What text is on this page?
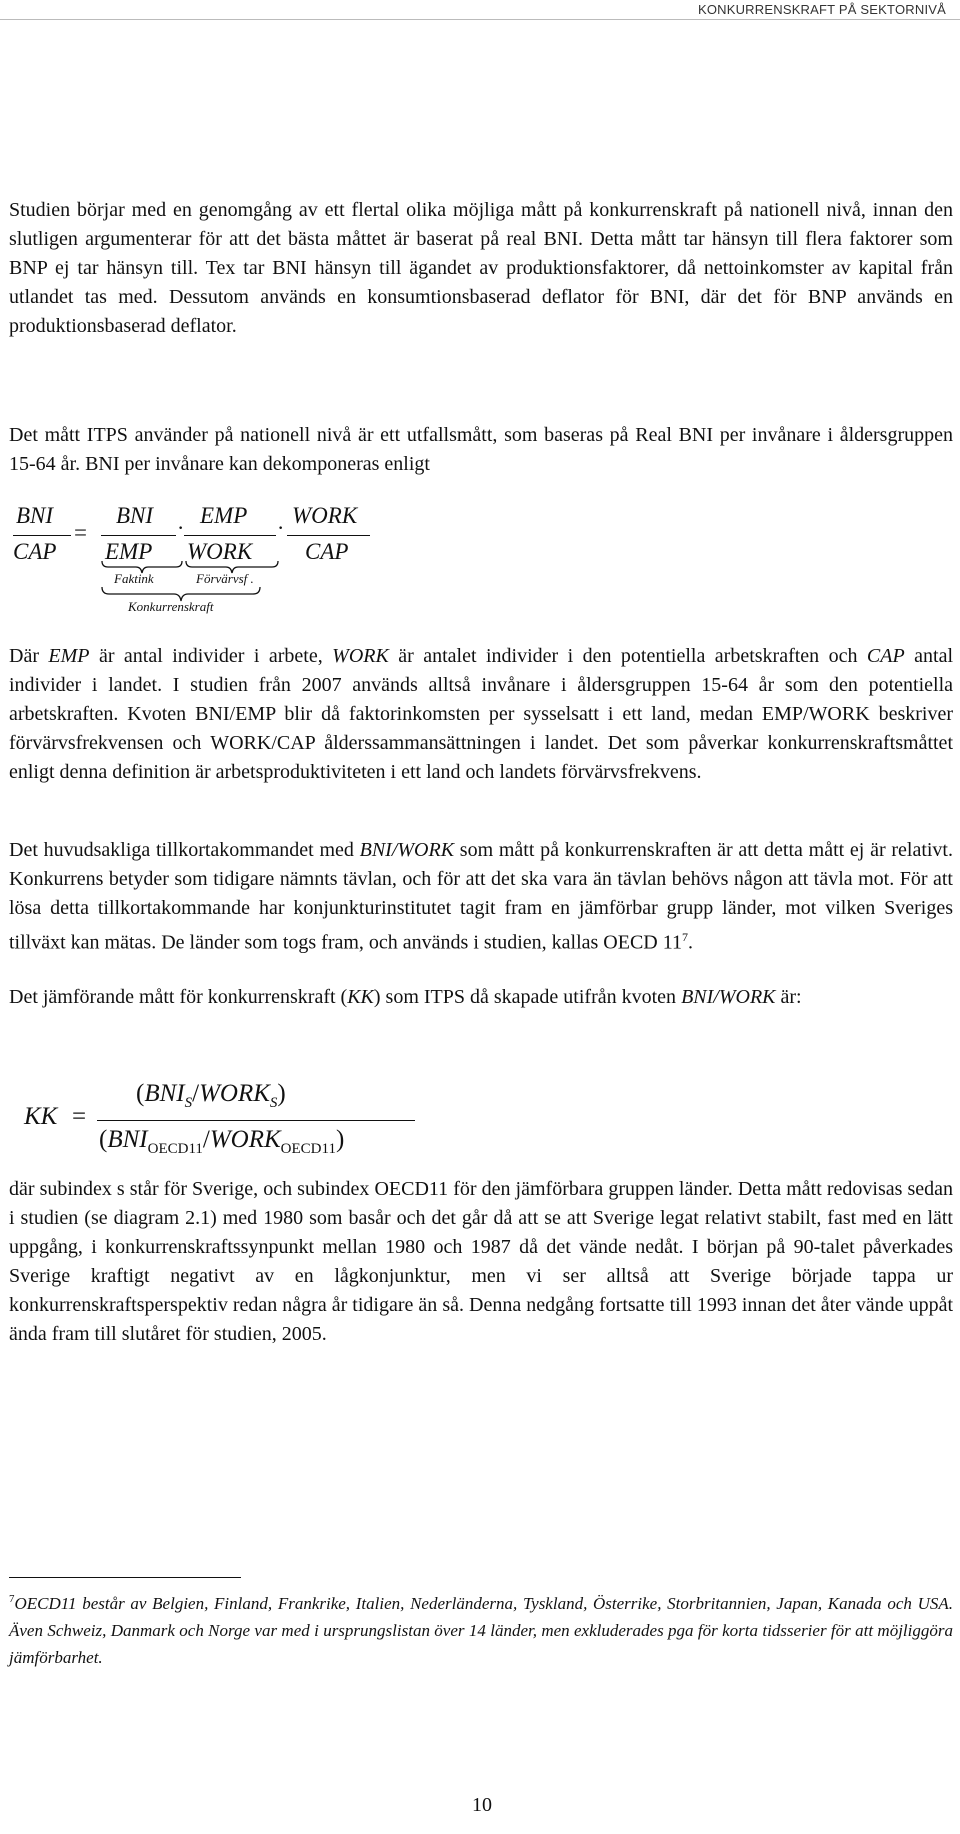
KONKURRENSKRAFT PÅ SEKTORNIVÅ

Studien börjar med en genomgång av ett flertal olika möjliga mått på konkurrenskraft på nationell nivå, innan den slutligen argumenterar för att det bästa måttet är baserat på real BNI. Detta mått tar hänsyn till flera faktorer som BNP ej tar hänsyn till. Tex tar BNI hänsyn till ägandet av produktionsfaktorer, då nettoinkomster av kapital från utlandet tas med. Dessutom används en konsumtionsbaserad deflator för BNI, där det för BNP används en produktionsbaserad deflator.

Det mått ITPS använder på nationell nivå är ett utfallsmått, som baseras på Real BNI per invånare i åldersgruppen 15-64 år. BNI per invånare kan dekomponeras enligt

BNI
CAP
=
BNI
EMP
· EMP
WORK
· WORK
CAP
Faktink	Förvärvsf .
Konkurrenskraft

Där EMP är antal individer i arbete, WORK är antalet individer i den potentiella arbetskraften och CAP antal individer i landet. I studien från 2007 används alltså invånare i åldersgruppen 15-64 år som den potentiella arbetskraften. Kvoten BNI/EMP blir då faktorinkomsten per sysselsatt i ett land, medan EMP/WORK beskriver förvärvsfrekvensen och WORK/CAP ålderssammansättningen i landet. Det som påverkar konkurrenskraftsmåttet enligt denna definition är arbetsproduktiviteten i ett land och landets förvärvsfrekvens.

Det huvudsakliga tillkortakommandet med BNI/WORK som mått på konkurrenskraften är att detta mått ej är relativt. Konkurrens betyder som tidigare nämnts tävlan, och för att det ska vara än tävlan behövs någon att tävla mot. För att lösa detta tillkortakommande har konjunkturinstitutet tagit fram en jämförbar grupp länder, mot vilken Sveriges tillväxt kan mätas. De länder som togs fram, och används i studien, kallas OECD $11^7$.

Det jämförande mått för konkurrenskraft (KK) som ITPS då skapade utifrån kvoten BNI/WORK är:

KK =
$(BNI_S/WORK_S)$
$(BNI_{OECD11}/WORK_{OECD11})$

där subindex s står för Sverige, och subindex OECD11 för den jämförbara gruppen länder. Detta mått redovisas sedan i studien (se diagram 2.1) med 1980 som basår och det går då att se att Sverige legat relativt stabilt, fast med en lätt uppgång, i konkurrenskraftssynpunkt mellan 1980 och 1987 då det vände nedåt. I början på 90-talet påverkades Sverige kraftigt negativt av en lågkonjunktur, men vi ser alltså att Sverige började tappa ur konkurrenskraftsperspektiv redan några år tidigare än så. Denna nedgång fortsatte till 1993 innan det åter vände uppåt ända fram till slutåret för studien, 2005.

$^7$OECD11 består av Belgien, Finland, Frankrike, Italien, Nederländerna, Tyskland, Österrike, Storbritannien, Japan, Kanada och USA. Även Schweiz, Danmark och Norge var med i ursprungslistan över 14 länder, men exkluderades pga för korta tidsserier för att möjliggöra jämförbarhet.

10
